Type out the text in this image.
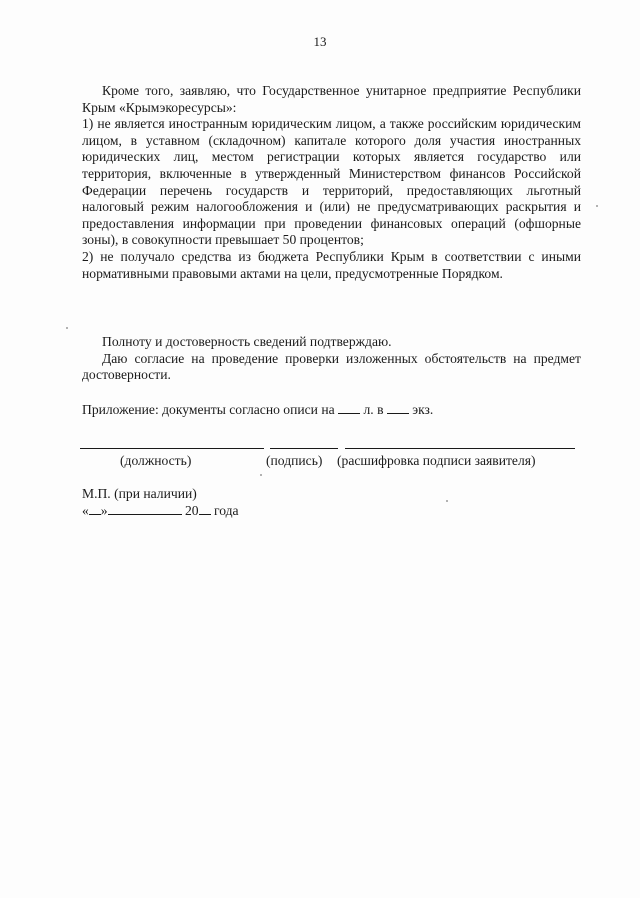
13

Кроме того, заявляю, что Государственное унитарное предприятие Республики Крым «Крымэкоресурсы»:

1) не является иностранным юридическим лицом, а также российским юридическим лицом, в уставном (складочном) капитале которого доля участия иностранных юридических лиц, местом регистрации которых является государство или территория, включенные в утвержденный Министерством финансов Российской Федерации перечень государств и территорий, предоставляющих льготный налоговый режим налогообложения и (или) не предусматривающих раскрытия и предоставления информации при проведении финансовых операций (офшорные зоны), в совокупности превышает 50 процентов;

2) не получало средства из бюджета Республики Крым в соответствии с иными нормативными правовыми актами на цели, предусмотренные Порядком.

Полноту и достоверность сведений подтверждаю.

Даю согласие на проведение проверки изложенных обстоятельств на предмет достоверности.

Приложение: документы согласно описи на л. в экз.
(должность)	(подпись) (расшифровка подписи заявителя)
М.П. (при наличии)
« »	20 года
